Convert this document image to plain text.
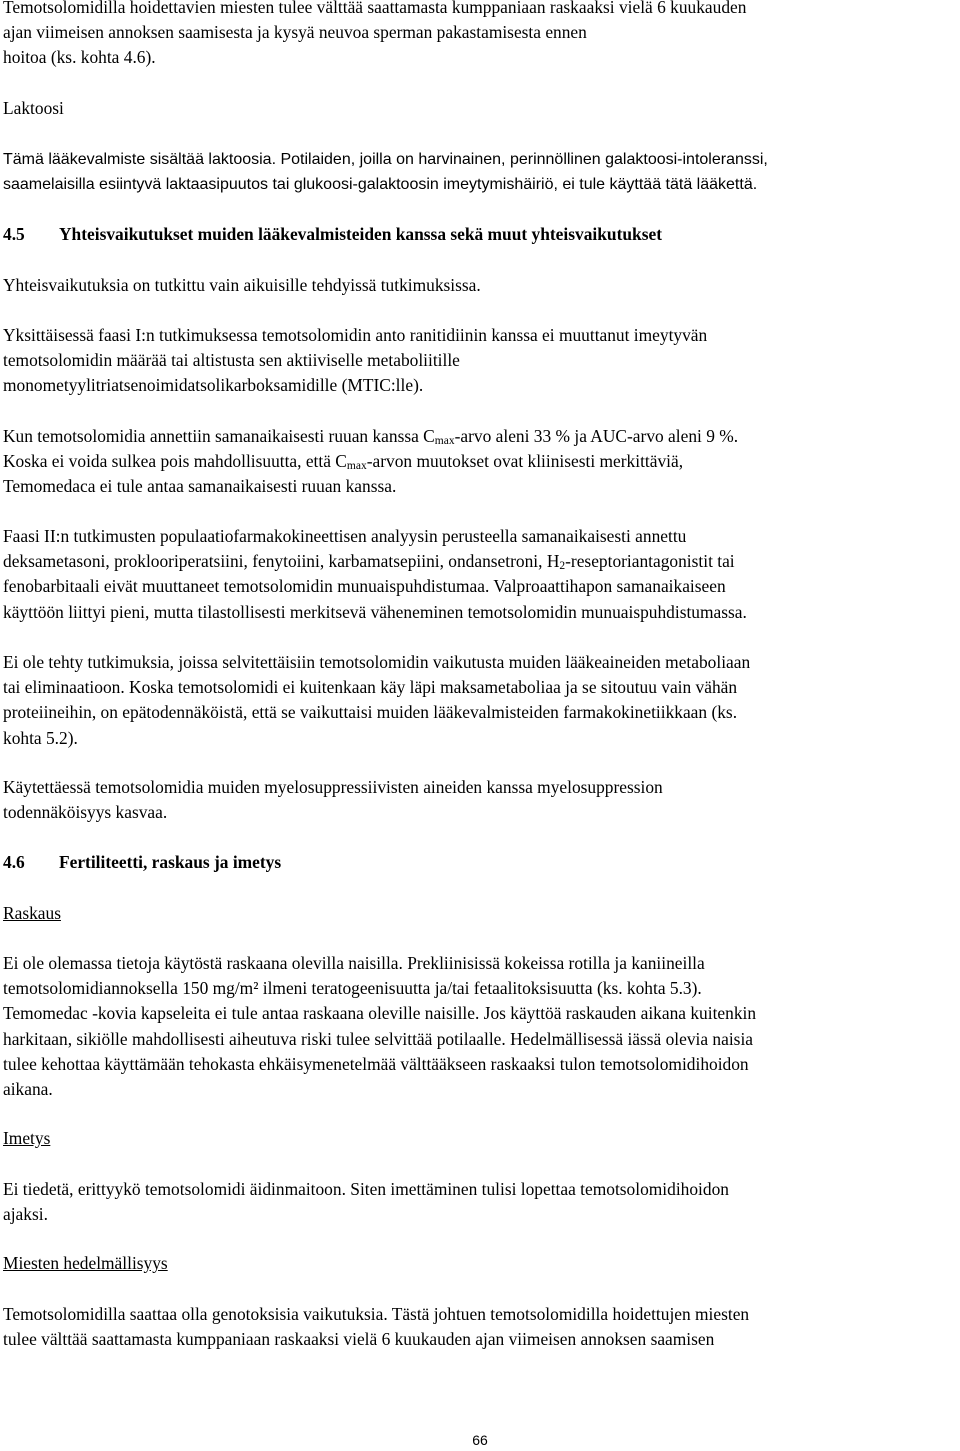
Temotsolomidilla hoidettavien miesten tulee välttää saattamasta kumppaniaan raskaaksi vielä 6 kuukauden
ajan viimeisen annoksen saamisesta ja kysyä neuvoa sperman pakastamisesta ennen
hoitoa (ks. kohta 4.6).

Laktoosi

Tämä lääkevalmiste sisältää laktoosia. Potilaiden, joilla on harvinainen, perinnöllinen galaktoosi-intoleranssi,
saamelaisilla esiintyvä laktaasipuutos tai glukoosi-galaktoosin imeytymishäiriö, ei tule käyttää tätä lääkettä.

4.5 Yhteisvaikutukset muiden lääkevalmisteiden kanssa sekä muut yhteisvaikutukset

Yhteisvaikutuksia on tutkittu vain aikuisille tehdyissä tutkimuksissa.

Yksittäisessä faasi I:n tutkimuksessa temotsolomidin anto ranitidiinin kanssa ei muuttanut imeytyvän
temotsolomidin määrää tai altistusta sen aktiiviselle metaboliitille
monometyylitriatsenoimidatsolikarboksamidille (MTIC:lle).

Kun temotsolomidia annettiin samanaikaisesti ruuan kanssa $C_{max}$-arvo aleni 33 % ja AUC-arvo aleni 9 %.
Koska ei voida sulkea pois mahdollisuutta, että $C_{max}$-arvon muutokset ovat kliinisesti merkittäviä,
Temomedaca ei tule antaa samanaikaisesti ruuan kanssa.

Faasi II:n tutkimusten populaatiofarmakokineettisen analyysin perusteella samanaikaisesti annettu
deksametasoni, proklooriperatsiini, fenytoiini, karbamatsepiini, ondansetroni, $H_2$-reseptoriantagonistit tai
fenobarbitaali eivät muuttaneet temotsolomidin munuaispuhdistumaa. Valproaattihapon samanaikaiseen
käyttöön liittyi pieni, mutta tilastollisesti merkitsevä väheneminen temotsolomidin munuaispuhdistumassa.

Ei ole tehty tutkimuksia, joissa selvitettäisiin temotsolomidin vaikutusta muiden lääkeaineiden metaboliaan
tai eliminaatioon. Koska temotsolomidi ei kuitenkaan käy läpi maksametaboliaa ja se sitoutuu vain vähän
proteiineihin, on epätodennäköistä, että se vaikuttaisi muiden lääkevalmisteiden farmakokinetiikkaan (ks.
kohta 5.2).

Käytettäessä temotsolomidia muiden myelosuppressiivisten aineiden kanssa myelosuppression
todennäköisyys kasvaa.

4.6 Fertiliteetti, raskaus ja imetys

Raskaus

Ei ole olemassa tietoja käytöstä raskaana olevilla naisilla. Prekliinisissä kokeissa rotilla ja kaniineilla
temotsolomidiannoksella 150 mg/m² ilmeni teratogeenisuutta ja/tai fetaalitoksisuutta (ks. kohta 5.3).
Temomedac -kovia kapseleita ei tule antaa raskaana oleville naisille. Jos käyttöä raskauden aikana kuitenkin
harkitaan, sikiölle mahdollisesti aiheutuva riski tulee selvittää potilaalle. Hedelmällisessä iässä olevia naisia
tulee kehottaa käyttämään tehokasta ehkäisymenetelmää välttääkseen raskaaksi tulon temotsolomidihoidon
aikana.

Imetys

Ei tiedetä, erittyykö temotsolomidi äidinmaitoon. Siten imettäminen tulisi lopettaa temotsolomidihoidon
ajaksi.

Miesten hedelmällisyys

Temotsolomidilla saattaa olla genotoksisia vaikutuksia. Tästä johtuen temotsolomidilla hoidettujen miesten
tulee välttää saattamasta kumppaniaan raskaaksi vielä 6 kuukauden ajan viimeisen annoksen saamisen

66
